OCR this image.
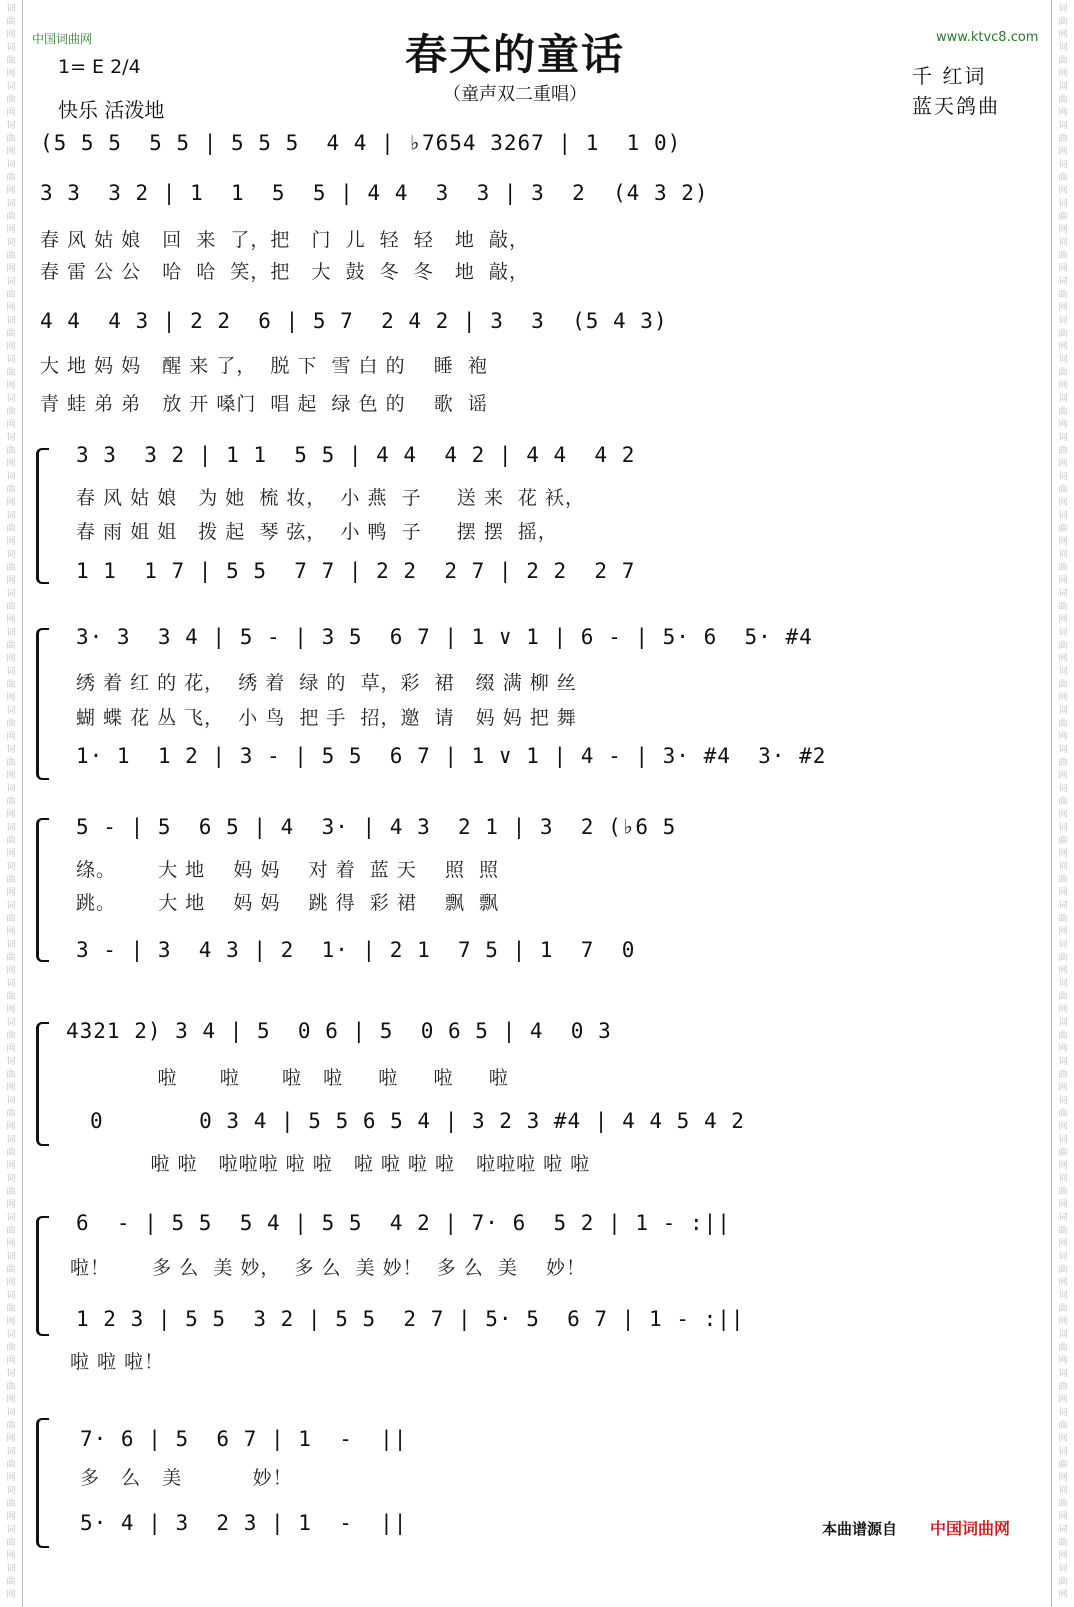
词
曲
网
词
曲
网
词
曲
网
词
曲
网
词
曲
网
词
曲
网
词
曲
网
词
曲
网
词
曲
网
词
曲
网
词
曲
网
词
曲
网
词
曲
网
词
曲
网
词
曲
网
词
曲
网
词
曲
网
词
曲
网
词
曲
网
词
曲
网
词
曲
网
词
曲
网
词
曲
网
词
曲
网
词
曲
网
词
曲
网
词
曲
网
词
曲
网
词
曲
网
词
曲
网
词
曲
网
词
曲
网
词
曲
网
词
曲
网
词
曲
网
词
曲
网
词
曲
网
词
曲
网
词
曲
网
词
曲
网
词
曲
网
词
曲
网
词
曲
网
词
曲
网
词
曲
网
词
曲
网
词
曲
网
词
曲
网
词
曲
网
词
曲
网
词
曲
网
词
曲
网
词
曲
网
词
曲
网
词
曲
网
词
曲
网
词
曲
网
词
曲
网
词
曲
网
词
曲
网
词
曲
网
词
曲
网
词
曲
网
词
曲
网
词
曲
网
词
曲
网
词
曲
网
词
曲
网
词
曲
网
词
曲
网
词
曲
网
词
曲
网
词
曲
网
词
曲
网
词
曲
网
词
曲
网
词
曲
网
词
曲
网
词
曲
网
词
曲
网
词
曲
网
词
曲
网
中国词曲网	www.ktvc8.com
春天的童话
（童声双二重唱）
1= E 2/4
快乐 活泼地
千 红词
蓝天鸽曲
(5 5 5  5 5 | 5 5 5  4 4 | ♭7654 3267 | 1  1 0)
3 3  3 2 | 1  1  5  5 | 4 4  3  3 | 3  2  (4 3 2)
春 风 姑 娘   回  来  了，把   门  儿  轻  轻   地  敲，
春 雷 公 公   哈  哈  笑，把   大  鼓  冬  冬   地  敲，
4 4  4 3 | 2 2  6 | 5 7  2 4 2 | 3  3  (5 4 3)
大 地 妈 妈   醒 来 了，  脱 下  雪 白 的    睡  袍
青 蛙 弟 弟   放 开 嗓门  唱 起  绿 色 的    歌  谣
3 3  3 2 | 1 1  5 5 | 4 4  4 2 | 4 4  4 2
春 风 姑 娘   为 她  梳 妆，  小 燕  子     送 来  花 袄，
春 雨 姐 姐   拨 起  琴 弦，  小 鸭  子     摆 摆  摇，
1 1  1 7 | 5 5  7 7 | 2 2  2 7 | 2 2  2 7
3· 3  3 4 | 5 - | 3 5  6 7 | 1 ∨ 1 | 6 - | 5· 6  5· #4
绣 着 红 的 花，  绣 着  绿 的  草，彩  裙   缀 满 柳 丝
蝴 蝶 花 丛 飞，  小 鸟  把 手  招，邀  请   妈 妈 把 舞
1· 1  1 2 | 3 - | 5 5  6 7 | 1 ∨ 1 | 4 - | 3· #4  3· #2
5 - | 5  6 5 | 4  3· | 4 3  2 1 | 3  2 (♭6 5
绦。      大 地    妈 妈    对 着  蓝 天    照  照
跳。      大 地    妈 妈    跳 得  彩 裙    飘  飘
3 - | 3  4 3 | 2  1· | 2 1  7 5 | 1  7  0
4321 2) 3 4 | 5  0 6 | 5  0 6 5 | 4  0 3
啦      啦      啦   啦     啦     啦     啦
0       0 3 4 | 5 5 6 5 4 | 3 2 3 #4 | 4 4 5 4 2
啦 啦   啦啦啦 啦 啦   啦 啦 啦 啦   啦啦啦 啦 啦
6  - | 5 5  5 4 | 5 5  4 2 | 7· 6  5 2 | 1 - :||
啦！      多 么  美 妙，  多 么  美 妙！  多 么  美    妙！
1 2 3 | 5 5  3 2 | 5 5  2 7 | 5· 5  6 7 | 1 - :||
啦 啦 啦！
7· 6 | 5  6 7 | 1  -  ||
多   么   美          妙！
5· 4 | 3  2 3 | 1  -  ||	本曲谱源自 中国词曲网
